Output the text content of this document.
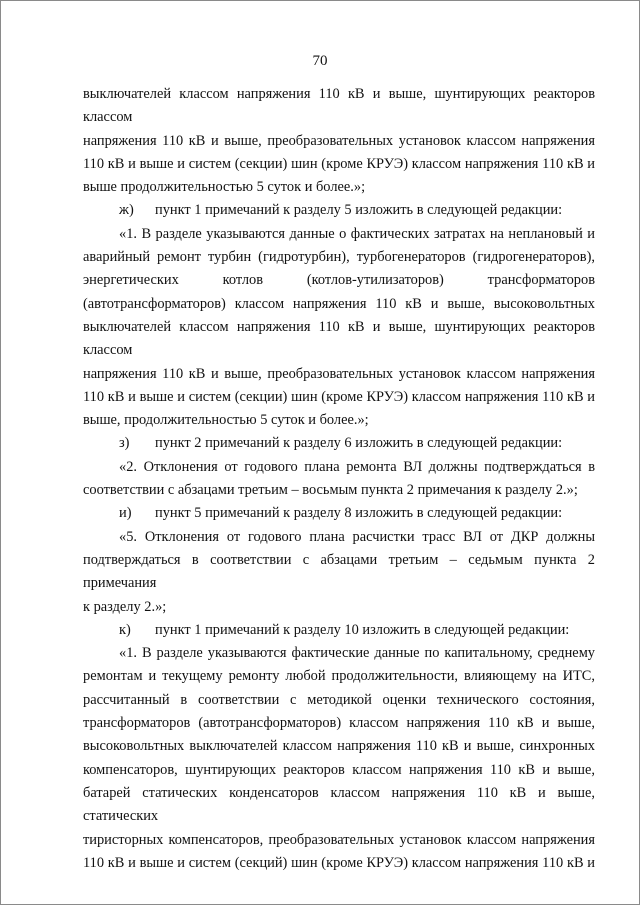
70
выключателей классом напряжения 110 кВ и выше, шунтирующих реакторов классом
напряжения 110 кВ и выше, преобразовательных установок классом напряжения
110 кВ и выше и систем (секции) шин (кроме КРУЭ) классом напряжения 110 кВ и
выше продолжительностью 5 суток и более.»;
ж) пункт 1 примечаний к разделу 5 изложить в следующей редакции:
«1. В разделе указываются данные о фактических затратах на неплановый и
аварийный ремонт турбин (гидротурбин), турбогенераторов (гидрогенераторов),
энергетических котлов (котлов-утилизаторов) трансформаторов
(автотрансформаторов) классом напряжения 110 кВ и выше, высоковольтных
выключателей классом напряжения 110 кВ и выше, шунтирующих реакторов классом
напряжения 110 кВ и выше, преобразовательных установок классом напряжения
110 кВ и выше и систем (секции) шин (кроме КРУЭ) классом напряжения 110 кВ и
выше, продолжительностью 5 суток и более.»;
з) пункт 2 примечаний к разделу 6 изложить в следующей редакции:
«2. Отклонения от годового плана ремонта ВЛ должны подтверждаться в
соответствии с абзацами третьим – восьмым пункта 2 примечания к разделу 2.»;
и) пункт 5 примечаний к разделу 8 изложить в следующей редакции:
«5. Отклонения от годового плана расчистки трасс ВЛ от ДКР должны
подтверждаться в соответствии с абзацами третьим – седьмым пункта 2 примечания
к разделу 2.»;
к) пункт 1 примечаний к разделу 10 изложить в следующей редакции:
«1. В разделе указываются фактические данные по капитальному, среднему
ремонтам и текущему ремонту любой продолжительности, влияющему на ИТС,
рассчитанный в соответствии с методикой оценки технического состояния,
трансформаторов (автотрансформаторов) классом напряжения 110 кВ и выше,
высоковольтных выключателей классом напряжения 110 кВ и выше, синхронных
компенсаторов, шунтирующих реакторов классом напряжения 110 кВ и выше,
батарей статических конденсаторов классом напряжения 110 кВ и выше, статических
тиристорных компенсаторов, преобразовательных установок классом напряжения
110 кВ и выше и систем (секций) шин (кроме КРУЭ) классом напряжения 110 кВ и
